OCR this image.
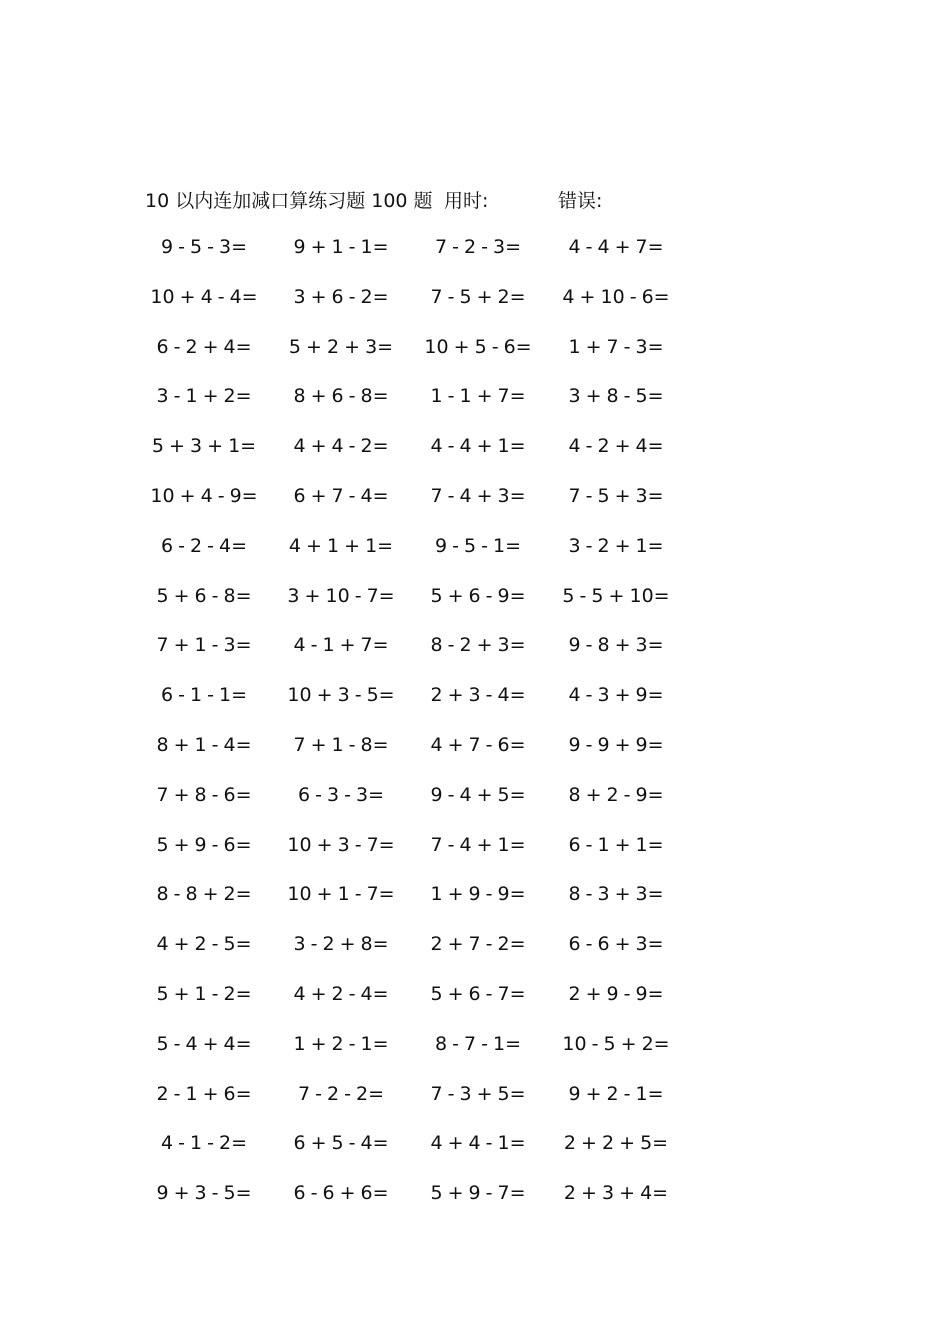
10 以内连加减口算练习题 100 题 用时:	错误:
9 - 5 - 3=	9 + 1 - 1=	7 - 2 - 3=	4 - 4 + 7=
10 + 4 - 4=	3 + 6 - 2=	7 - 5 + 2=	4 + 10 - 6=
6 - 2 + 4=	5 + 2 + 3=	10 + 5 - 6=	1 + 7 - 3=
3 - 1 + 2=	8 + 6 - 8=	1 - 1 + 7=	3 + 8 - 5=
5 + 3 + 1=	4 + 4 - 2=	4 - 4 + 1=	4 - 2 + 4=
10 + 4 - 9=	6 + 7 - 4=	7 - 4 + 3=	7 - 5 + 3=
6 - 2 - 4=	4 + 1 + 1=	9 - 5 - 1=	3 - 2 + 1=
5 + 6 - 8=	3 + 10 - 7=	5 + 6 - 9=	5 - 5 + 10=
7 + 1 - 3=	4 - 1 + 7=	8 - 2 + 3=	9 - 8 + 3=
6 - 1 - 1=	10 + 3 - 5=	2 + 3 - 4=	4 - 3 + 9=
8 + 1 - 4=	7 + 1 - 8=	4 + 7 - 6=	9 - 9 + 9=
7 + 8 - 6=	6 - 3 - 3=	9 - 4 + 5=	8 + 2 - 9=
5 + 9 - 6=	10 + 3 - 7=	7 - 4 + 1=	6 - 1 + 1=
8 - 8 + 2=	10 + 1 - 7=	1 + 9 - 9=	8 - 3 + 3=
4 + 2 - 5=	3 - 2 + 8=	2 + 7 - 2=	6 - 6 + 3=
5 + 1 - 2=	4 + 2 - 4=	5 + 6 - 7=	2 + 9 - 9=
5 - 4 + 4=	1 + 2 - 1=	8 - 7 - 1=	10 - 5 + 2=
2 - 1 + 6=	7 - 2 - 2=	7 - 3 + 5=	9 + 2 - 1=
4 - 1 - 2=	6 + 5 - 4=	4 + 4 - 1=	2 + 2 + 5=
9 + 3 - 5=	6 - 6 + 6=	5 + 9 - 7=	2 + 3 + 4=
